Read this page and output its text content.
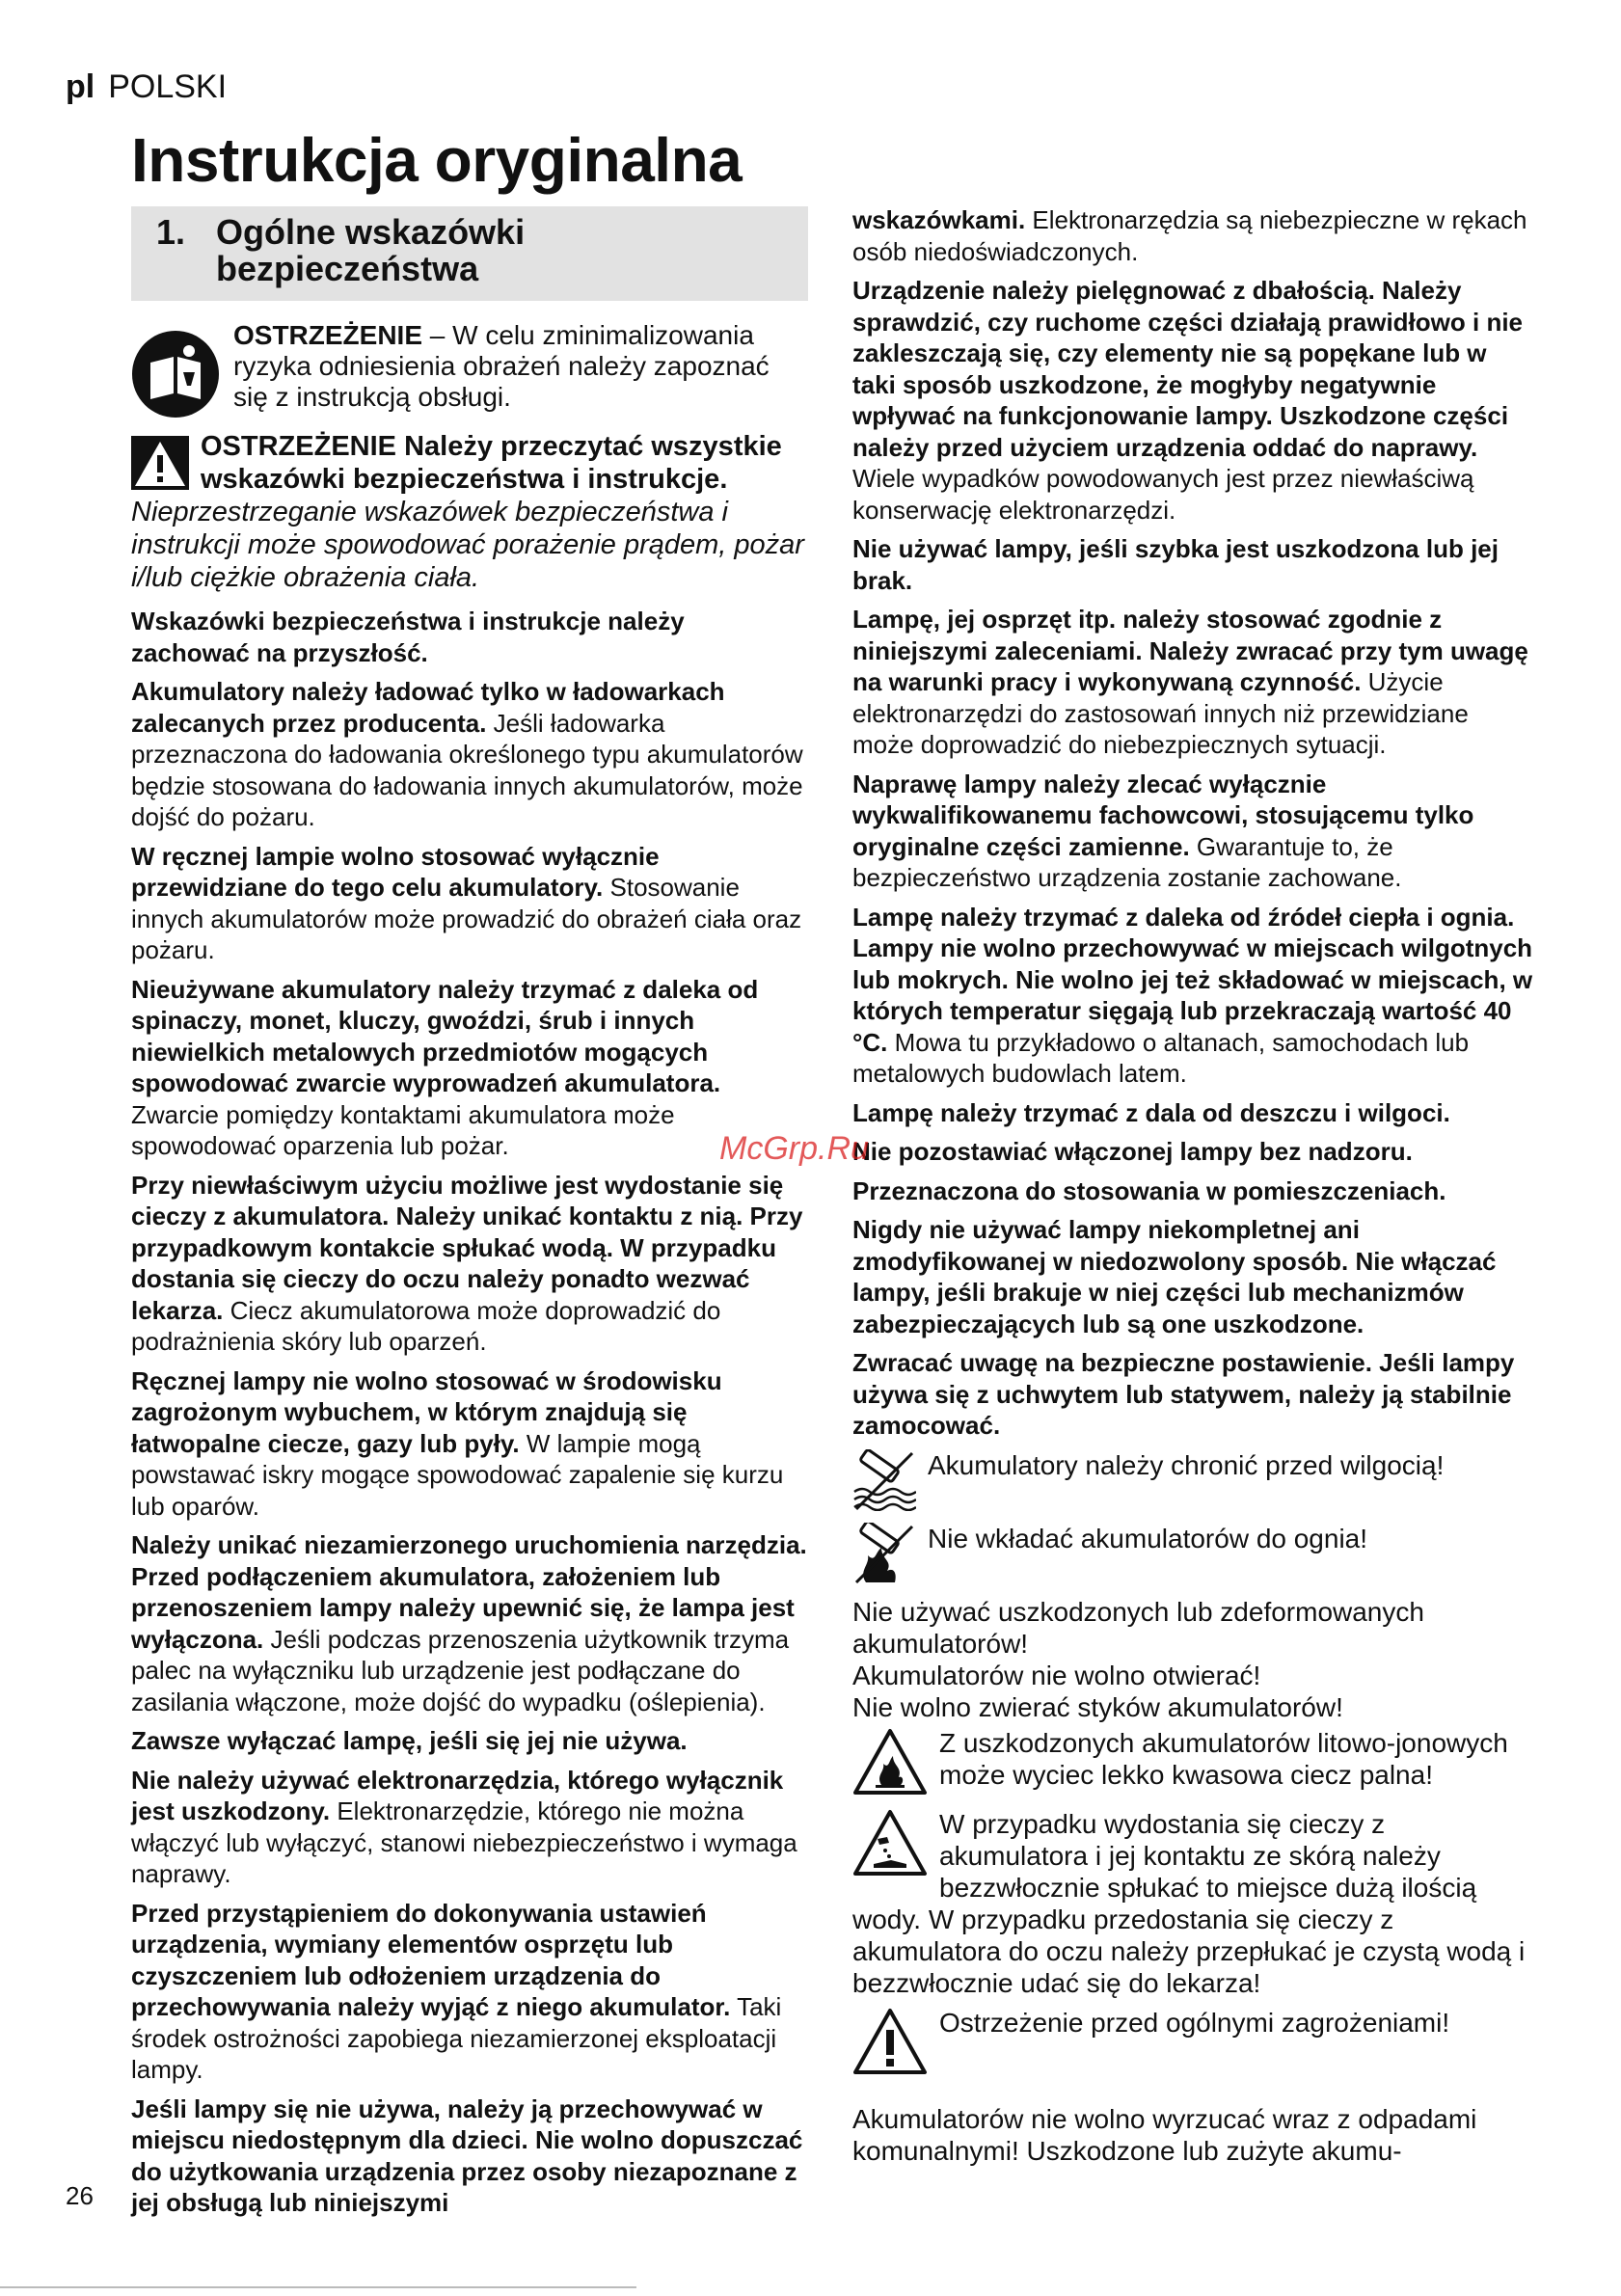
pl POLSKI
Instrukcja oryginalna
1. Ogólne wskazówki
bezpieczeństwa
OSTRZEŻENIE – W celu zminimalizowania ryzyka odniesienia obrażeń należy zapoznać się z instrukcją obsługi.
OSTRZEŻENIE Należy przeczytać wszystkie wskazówki bezpieczeństwa i instrukcje. Nieprzestrzeganie wskazówek bezpieczeństwa i instrukcji może spowodować porażenie prądem, pożar i/lub ciężkie obrażenia ciała.

Wskazówki bezpieczeństwa i instrukcje należy zachować na przyszłość.

Akumulatory należy ładować tylko w ładowarkach zalecanych przez producenta. Jeśli ładowarka przeznaczona do ładowania określonego typu akumulatorów będzie stosowana do ładowania innych akumulatorów, może dojść do pożaru.

W ręcznej lampie wolno stosować wyłącznie przewidziane do tego celu akumulatory. Stosowanie innych akumulatorów może prowadzić do obrażeń ciała oraz pożaru.

Nieużywane akumulatory należy trzymać z daleka od spinaczy, monet, kluczy, gwoździ, śrub i innych niewielkich metalowych przedmiotów mogących spowodować zwarcie wyprowadzeń akumulatora. Zwarcie pomiędzy kontaktami akumulatora może spowodować oparzenia lub pożar.

Przy niewłaściwym użyciu możliwe jest wydostanie się cieczy z akumulatora. Należy unikać kontaktu z nią. Przy przypadkowym kontakcie spłukać wodą. W przypadku dostania się cieczy do oczu należy ponadto wezwać lekarza. Ciecz akumulatorowa może doprowadzić do podrażnienia skóry lub oparzeń.

Ręcznej lampy nie wolno stosować w środowisku zagrożonym wybuchem, w którym znajdują się łatwopalne ciecze, gazy lub pyły. W lampie mogą powstawać iskry mogące spowodować zapalenie się kurzu lub oparów.

Należy unikać niezamierzonego uruchomienia narzędzia. Przed podłączeniem akumulatora, założeniem lub przenoszeniem lampy należy upewnić się, że lampa jest wyłączona. Jeśli podczas przenoszenia użytkownik trzyma palec na wyłączniku lub urządzenie jest podłączane do zasilania włączone, może dojść do wypadku (oślepienia).

Zawsze wyłączać lampę, jeśli się jej nie używa.

Nie należy używać elektronarzędzia, którego wyłącznik jest uszkodzony. Elektronarzędzie, którego nie można włączyć lub wyłączyć, stanowi niebezpieczeństwo i wymaga naprawy.

Przed przystąpieniem do dokonywania ustawień urządzenia, wymiany elementów osprzętu lub czyszczeniem lub odłożeniem urządzenia do przechowywania należy wyjąć z niego akumulator. Taki środek ostrożności zapobiega niezamierzonej eksploatacji lampy.

Jeśli lampy się nie używa, należy ją przechowywać w miejscu niedostępnym dla dzieci. Nie wolno dopuszczać do użytkowania urządzenia przez osoby niezapoznane z jej obsługą lub niniejszymi

wskazówkami. Elektronarzędzia są niebezpieczne w rękach osób niedoświadczonych.

Urządzenie należy pielęgnować z dbałością. Należy sprawdzić, czy ruchome części działają prawidłowo i nie zakleszczają się, czy elementy nie są popękane lub w taki sposób uszkodzone, że mogłyby negatywnie wpływać na funkcjonowanie lampy. Uszkodzone części należy przed użyciem urządzenia oddać do naprawy. Wiele wypadków powodowanych jest przez niewłaściwą konserwację elektronarzędzi.

Nie używać lampy, jeśli szybka jest uszkodzona lub jej brak.

Lampę, jej osprzęt itp. należy stosować zgodnie z niniejszymi zaleceniami. Należy zwracać przy tym uwagę na warunki pracy i wykonywaną czynność. Użycie elektronarzędzi do zastosowań innych niż przewidziane może doprowadzić do niebezpiecznych sytuacji.

Naprawę lampy należy zlecać wyłącznie wykwalifikowanemu fachowcowi, stosującemu tylko oryginalne części zamienne. Gwarantuje to, że bezpieczeństwo urządzenia zostanie zachowane.

Lampę należy trzymać z daleka od źródeł ciepła i ognia. Lampy nie wolno przechowywać w miejscach wilgotnych lub mokrych. Nie wolno jej też składować w miejscach, w których temperatur sięgają lub przekraczają wartość 40 °C. Mowa tu przykładowo o altanach, samochodach lub metalowych budowlach latem.

Lampę należy trzymać z dala od deszczu i wilgoci.

Nie pozostawiać włączonej lampy bez nadzoru.

Przeznaczona do stosowania w pomieszczeniach.

Nigdy nie używać lampy niekompletnej ani zmodyfikowanej w niedozwolony sposób. Nie włączać lampy, jeśli brakuje w niej części lub mechanizmów zabezpieczających lub są one uszkodzone.

Zwracać uwagę na bezpieczne postawienie. Jeśli lampy używa się z uchwytem lub statywem, należy ją stabilnie zamocować.

Akumulatory należy chronić przed wilgocią!
Nie wkładać akumulatorów do ognia!
Nie używać uszkodzonych lub zdeformowanych akumulatorów!
Akumulatorów nie wolno otwierać!
Nie wolno zwierać styków akumulatorów!
Z uszkodzonych akumulatorów litowo-jonowych może wyciec lekko kwasowa ciecz palna!
W przypadku wydostania się cieczy z akumulatora i jej kontaktu ze skórą należy bezzwłocznie spłukać to miejsce dużą ilością wody. W przypadku przedostania się cieczy z akumulatora do oczu należy przepłukać je czystą wodą i bezzwłocznie udać się do lekarza!
Ostrzeżenie przed ogólnymi zagrożeniami!
Akumulatorów nie wolno wyrzucać wraz z odpadami komunalnymi! Uszkodzone lub zużyte akumu-
McGrp.Ru
26
